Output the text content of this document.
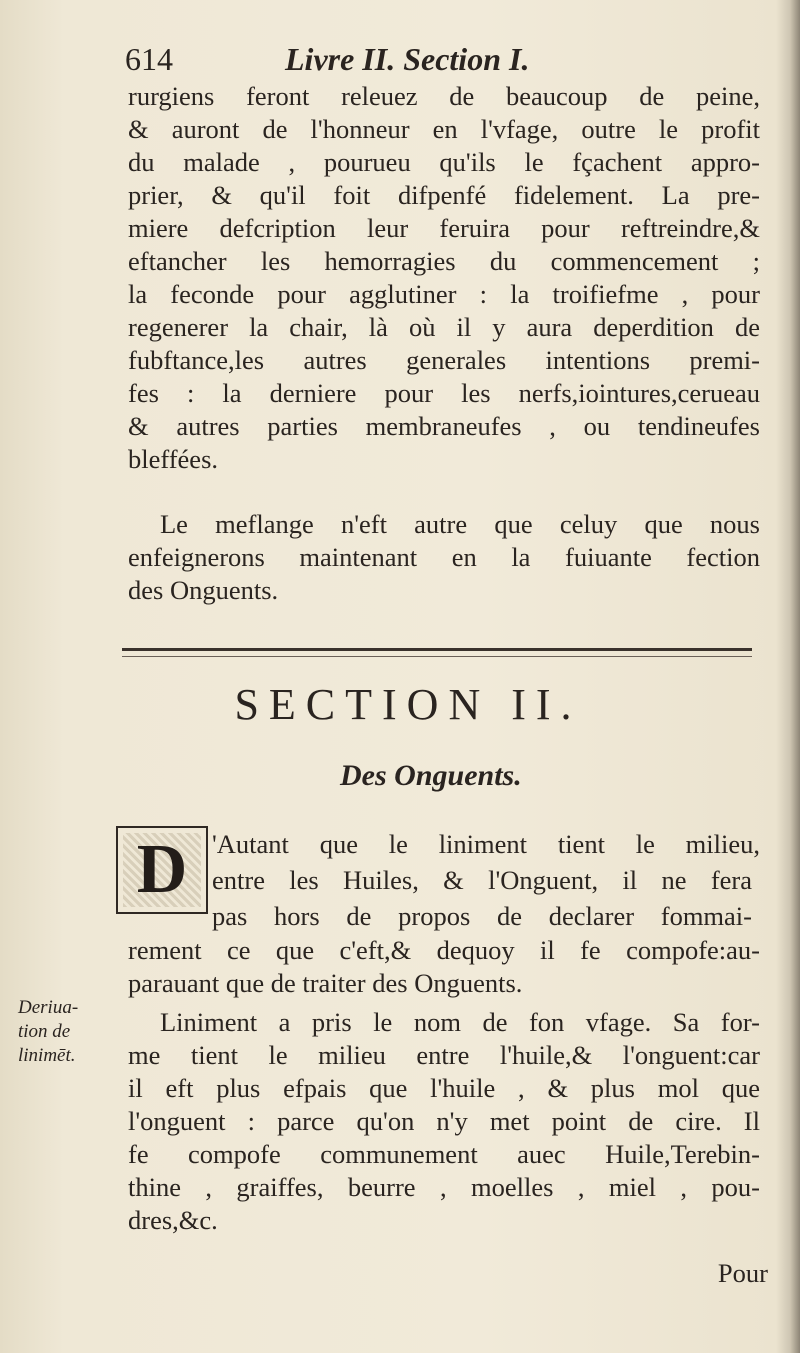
614	Livre II. Section I.
rurgiens feront releuez de beaucoup de peine,
& auront de l'honneur en l'vfage, outre le profit
du malade , pourueu qu'ils le fçachent appro-
prier, & qu'il foit difpenfé fidelement. La pre-
miere defcription leur feruira pour reftreindre,&
eftancher les hemorragies du commencement ;
la feconde pour agglutiner : la troifiefme , pour
regenerer la chair, là où il y aura deperdition de
fubftance,les autres generales intentions premi-
fes : la derniere pour les nerfs,iointures,cerueau
& autres parties membraneufes , ou tendineufes
bleffées.
Le meflange n'eft autre que celuy que nous
enfeignerons maintenant en la fuiuante fection
des Onguents.
SECTION II.
Des Onguents.
D 'Autant que le liniment tient le milieu,
entre les Huiles, & l'Onguent, il ne fera
pas hors de propos de declarer fommai-
rement ce que c'eft,& dequoy il fe compofe:au-
parauant que de traiter des Onguents.
Liniment a pris le nom de fon vfage. Sa for-
me tient le milieu entre l'huile,& l'onguent:car
il eft plus efpais que l'huile , & plus mol que
l'onguent : parce qu'on n'y met point de cire. Il
fe compofe communement auec Huile,Terebin-
thine , graiffes, beurre , moelles , miel , pou-
dres,&c.
Deriua-
tion de
linimēt.
Pour
